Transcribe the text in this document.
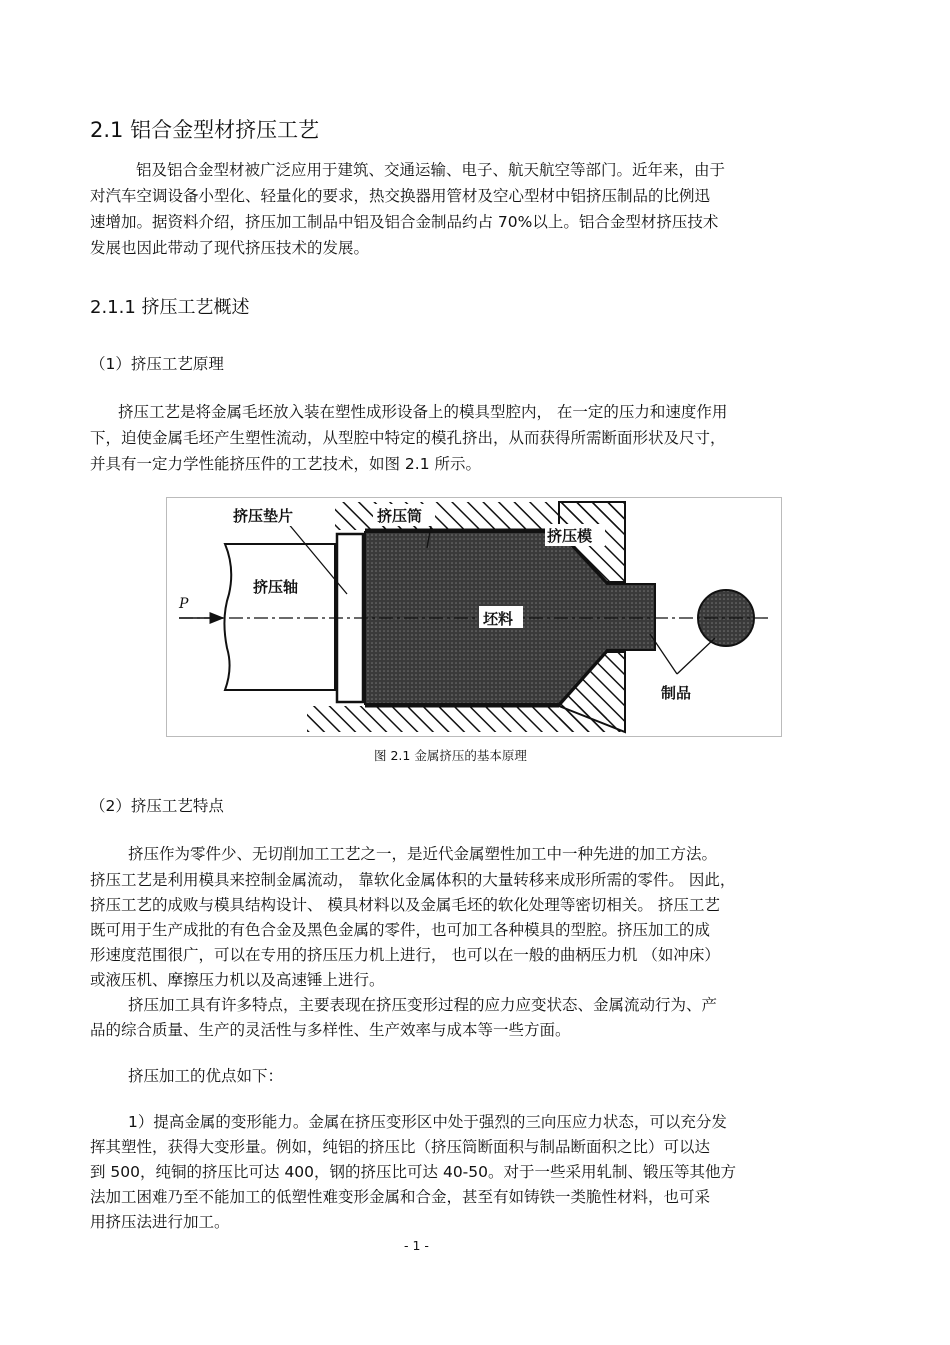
2.1 铝合金型材挤压工艺
铝及铝合金型材被广泛应用于建筑、交通运输、电子、航天航空等部门。近年来，由于
对汽车空调设备小型化、轻量化的要求，热交换器用管材及空心型材中铝挤压制品的比例迅
速增加。据资料介绍，挤压加工制品中铝及铝合金制品约占 70%以上。铝合金型材挤压技术
发展也因此带动了现代挤压技术的发展。
2.1.1 挤压工艺概述
（1）挤压工艺原理
挤压工艺是将金属毛坯放入装在塑性成形设备上的模具型腔内， 在一定的压力和速度作用
下，迫使金属毛坯产生塑性流动，从型腔中特定的模孔挤出，从而获得所需断面形状及尺寸，
并具有一定力学性能挤压件的工艺技术，如图 2.1 所示。
挤压垫片	挤压筒
挤压模
挤压轴
坯料
制品
P
图 2.1 金属挤压的基本原理
（2）挤压工艺特点
挤压作为零件少、无切削加工工艺之一，是近代金属塑性加工中一种先进的加工方法。
挤压工艺是利用模具来控制金属流动， 靠软化金属体积的大量转移来成形所需的零件。 因此，
挤压工艺的成败与模具结构设计、 模具材料以及金属毛坯的软化处理等密切相关。 挤压工艺
既可用于生产成批的有色合金及黑色金属的零件，也可加工各种模具的型腔。挤压加工的成
形速度范围很广，可以在专用的挤压压力机上进行， 也可以在一般的曲柄压力机 （如冲床）
或液压机、摩擦压力机以及高速锤上进行。
挤压加工具有许多特点，主要表现在挤压变形过程的应力应变状态、金属流动行为、产
品的综合质量、生产的灵活性与多样性、生产效率与成本等一些方面。
挤压加工的优点如下：
1）提高金属的变形能力。金属在挤压变形区中处于强烈的三向压应力状态，可以充分发
挥其塑性，获得大变形量。例如，纯铝的挤压比（挤压筒断面积与制品断面积之比）可以达
到 500，纯铜的挤压比可达 400，钢的挤压比可达 40-50。对于一些采用轧制、锻压等其他方
法加工困难乃至不能加工的低塑性难变形金属和合金，甚至有如铸铁一类脆性材料，也可采
用挤压法进行加工。
- 1 -
